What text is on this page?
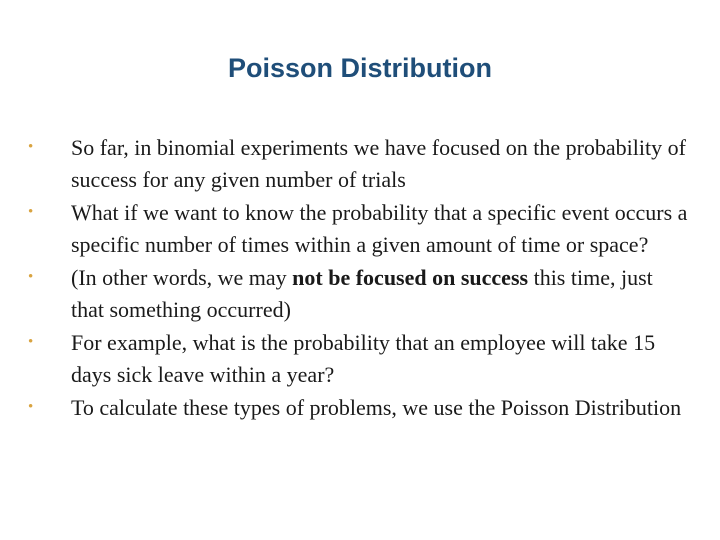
Poisson Distribution
• So far, in binomial experiments we have focused on the probability of success for any given number of trials
• What if we want to know the probability that a specific event occurs a specific number of times within a given amount of time or space?
• (In other words, we may not be focused on success this time, just that something occurred)
• For example, what is the probability that an employee will take 15 days sick leave within a year?
• To calculate these types of problems, we use the Poisson Distribution
